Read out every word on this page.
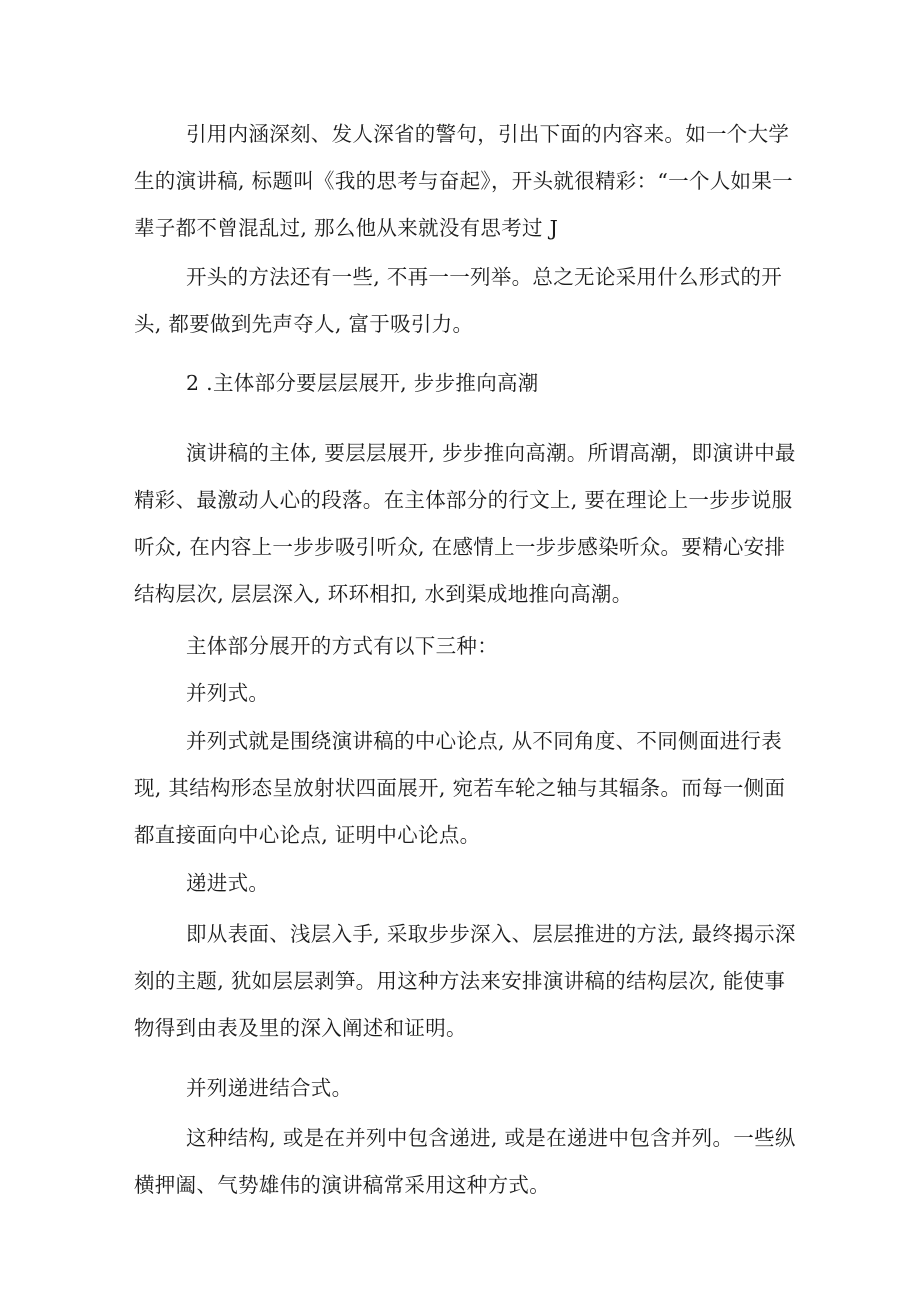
引用内涵深刻、发人深省的警句，引出下面的内容来。如一个大学生的演讲稿, 标题叫《我的思考与奋起》，开头就很精彩：“一个人如果一辈子都不曾混乱过, 那么他从来就没有思考过 J

开头的方法还有一些, 不再一一列举。总之无论采用什么形式的开头, 都要做到先声夺人, 富于吸引力。

2 .主体部分要层层展开, 步步推向高潮

演讲稿的主体, 要层层展开, 步步推向高潮。所谓高潮，即演讲中最精彩、最激动人心的段落。在主体部分的行文上, 要在理论上一步步说服听众, 在内容上一步步吸引听众, 在感情上一步步感染听众。要精心安排结构层次, 层层深入, 环环相扣, 水到渠成地推向高潮。

主体部分展开的方式有以下三种：

并列式。

并列式就是围绕演讲稿的中心论点, 从不同角度、不同侧面进行表现, 其结构形态呈放射状四面展开, 宛若车轮之轴与其辐条。而每一侧面都直接面向中心论点, 证明中心论点。

递进式。

即从表面、浅层入手, 采取步步深入、层层推进的方法, 最终揭示深刻的主题, 犹如层层剥笋。用这种方法来安排演讲稿的结构层次, 能使事物得到由表及里的深入阐述和证明。

并列递进结合式。

这种结构, 或是在并列中包含递进, 或是在递进中包含并列。一些纵横押阖、气势雄伟的演讲稿常采用这种方式。
